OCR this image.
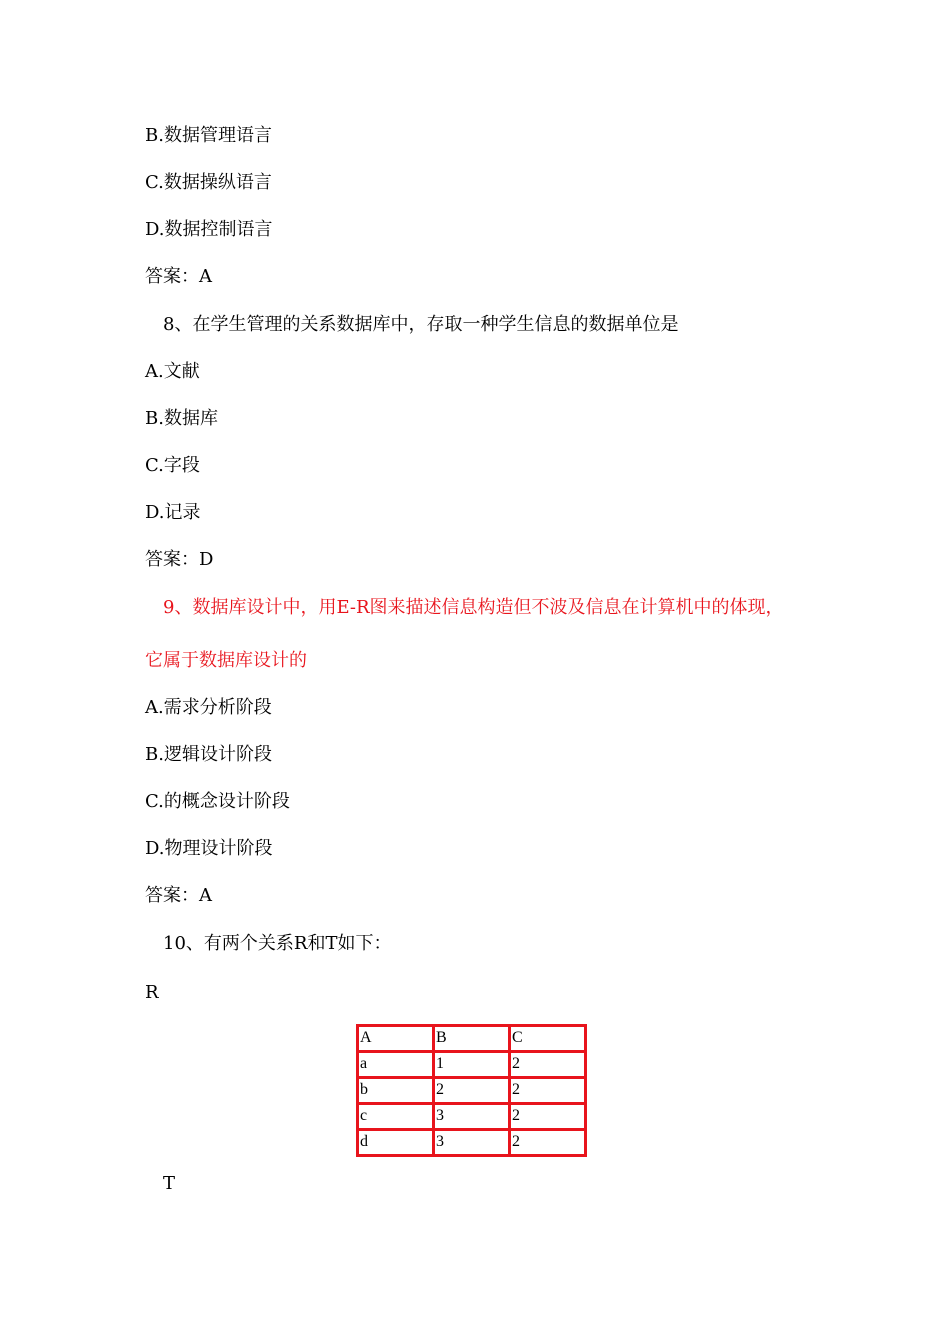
B.数据管理语言
C.数据操纵语言
D.数据控制语言
答案：A
8、在学生管理的关系数据库中，存取一种学生信息的数据单位是
A.文献
B.数据库
C.字段
D.记录
答案：D
9、数据库设计中，用E-R图来描述信息构造但不波及信息在计算机中的体现，
它属于数据库设计的
A.需求分析阶段
B.逻辑设计阶段
C.的概念设计阶段
D.物理设计阶段
答案：A
10、有两个关系R和T如下：
R
A	B	C
a	1	2
b	2	2
c	3	2
d	3	2
T
